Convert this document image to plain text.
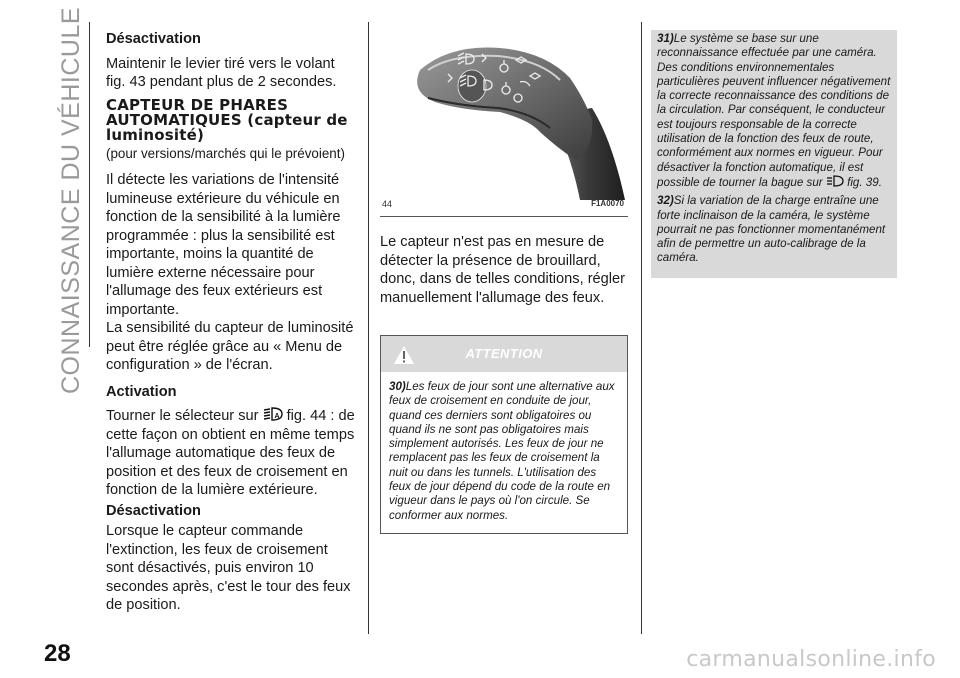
CONNAISSANCE DU VÉHICULE
28
Désactivation

Maintenir le levier tiré vers le volant fig. 43 pendant plus de 2 secondes.

CAPTEUR DE PHARES AUTOMATIQUES (capteur de luminosité)
(pour versions/marchés qui le prévoient)

Il détecte les variations de l'intensité lumineuse extérieure du véhicule en fonction de la sensibilité à la lumière programmée : plus la sensibilité est importante, moins la quantité de lumière externe nécessaire pour l'allumage des feux extérieurs est importante.

La sensibilité du capteur de luminosité peut être réglée grâce au « Menu de configuration » de l'écran.

Activation

Tourner le sélecteur sur A fig. 44 : de cette façon on obtient en même temps l'allumage automatique des feux de position et des feux de croisement en fonction de la lumière extérieure.

Désactivation

Lorsque le capteur commande l'extinction, les feux de croisement sont désactivés, puis environ 10 secondes après, c'est le tour des feux de position.

44	F1A0070

Le capteur n'est pas en mesure de détecter la présence de brouillard, donc, dans de telles conditions, régler manuellement l'allumage des feux.

ATTENTION
30)Les feux de jour sont une alternative aux feux de croisement en conduite de jour, quand ces derniers sont obligatoires ou quand ils ne sont pas obligatoires mais simplement autorisés. Les feux de jour ne remplacent pas les feux de croisement la nuit ou dans les tunnels. L'utilisation des feux de jour dépend du code de la route en vigueur dans le pays où l'on circule. Se conformer aux normes.

31)Le système se base sur une reconnaissance effectuée par une caméra. Des conditions environnementales particulières peuvent influencer négativement la correcte reconnaissance des conditions de la circulation. Par conséquent, le conducteur est toujours responsable de la correcte utilisation de la fonction des feux de route, conformément aux normes en vigueur. Pour désactiver la fonction automatique, il est possible de tourner la bague sur fig. 39.

32)Si la variation de la charge entraîne une forte inclinaison de la caméra, le système pourrait ne pas fonctionner momentanément afin de permettre un auto-calibrage de la caméra.

carmanualsonline.info
